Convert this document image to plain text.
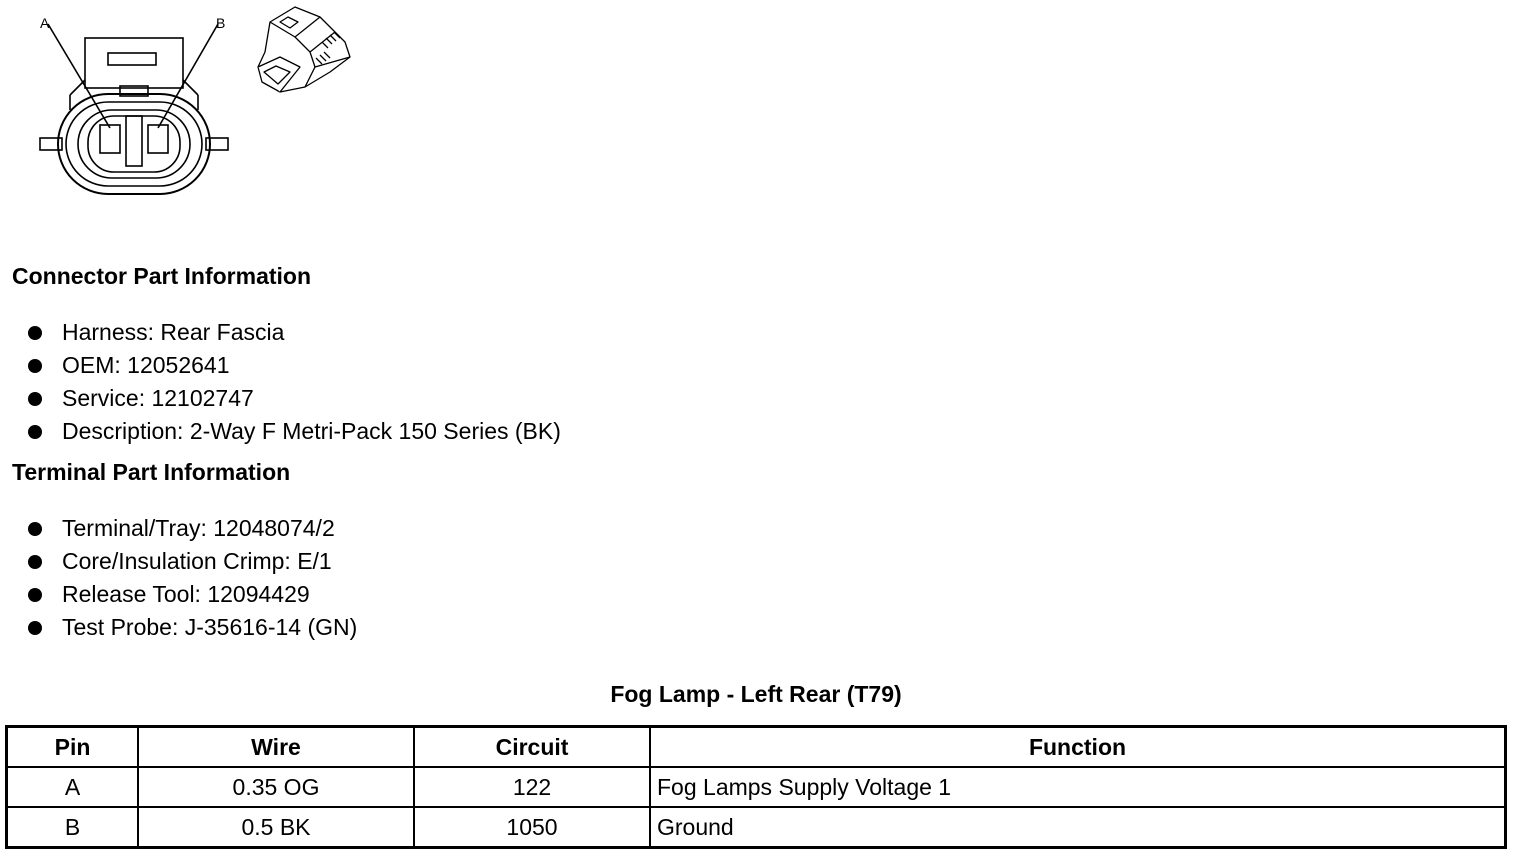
A	B
Connector Part Information
Harness: Rear Fascia
OEM: 12052641
Service: 12102747
Description: 2-Way F Metri-Pack 150 Series (BK)
Terminal Part Information
Terminal/Tray: 12048074/2
Core/Insulation Crimp: E/1
Release Tool: 12094429
Test Probe: J-35616-14 (GN)
Fog Lamp - Left Rear (T79)
Pin	Wire	Circuit	Function
A	0.35 OG	122	Fog Lamps Supply Voltage 1
B	0.5 BK	1050	Ground
